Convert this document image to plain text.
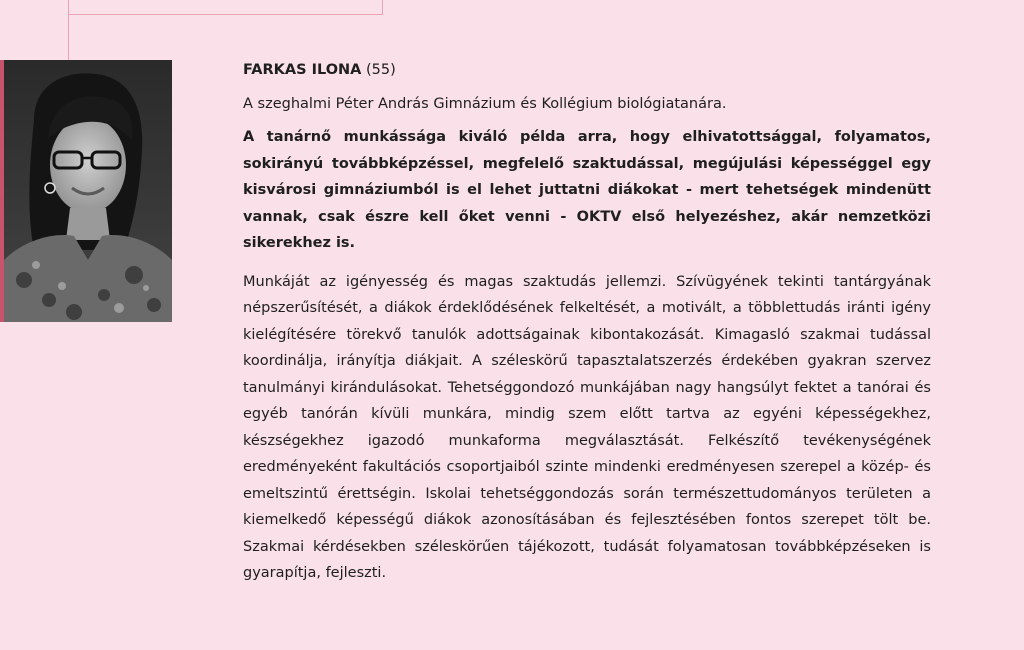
FARKAS ILONA (55)

A szeghalmi Péter András Gimnázium és Kollégium biológiatanára.

A tanárnő munkássága kiváló példa arra, hogy elhivatottsággal, folyamatos, sokirányú továbbképzéssel, megfelelő szaktudással, megújulási képességgel egy kisvárosi gimnáziumból is el lehet juttatni diákokat - mert tehetségek mindenütt vannak, csak észre kell őket venni - OKTV első helyezéshez, akár nemzetközi sikerekhez is.

Munkáját az igényesség és magas szaktudás jellemzi. Szívügyének tekinti tantárgyának népszerűsítését, a diákok érdeklődésének felkeltését, a motivált, a többlettudás iránti igény kielégítésére törekvő tanulók adottságainak kibontakozását. Kimagasló szakmai tudással koordinálja, irányítja diákjait. A széleskörű tapasztalatszerzés érdekében gyakran szervez tanulmányi kirándulásokat. Tehetséggondozó munkájában nagy hangsúlyt fektet a tanórai és egyéb tanórán kívüli munkára, mindig szem előtt tartva az egyéni képességekhez, készségekhez igazodó munkaforma megválasztását. Felkészítő tevékenységének eredményeként fakultációs csoportjaiból szinte mindenki eredményesen szerepel a közép- és emeltszintű érettségin. Iskolai tehetséggondozás során természettudományos területen a kiemelkedő képességű diákok azonosításában és fejlesztésében fontos szerepet tölt be. Szakmai kérdésekben széleskörűen tájékozott, tudását folyamatosan továbbképzéseken is gyarapítja, fejleszti.
